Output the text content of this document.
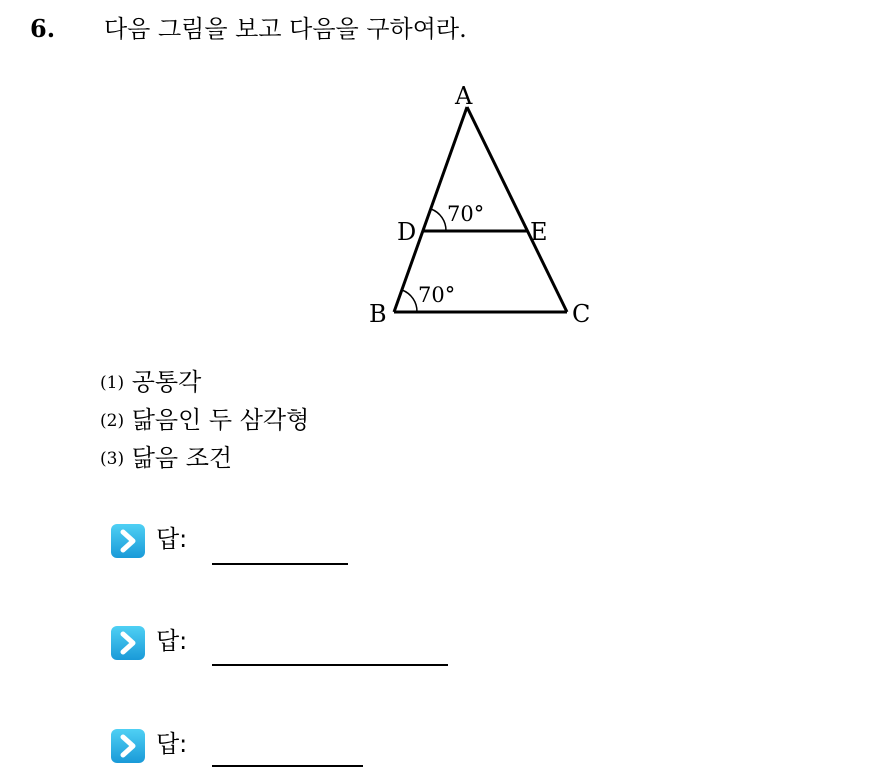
6. 다음 그림을 보고 다음을 구하여라.
A
D	E
B	C
70°
70°
(1) 공통각
(2) 닮음인 두 삼각형
(3) 닮음 조건
답:
답:
답:
